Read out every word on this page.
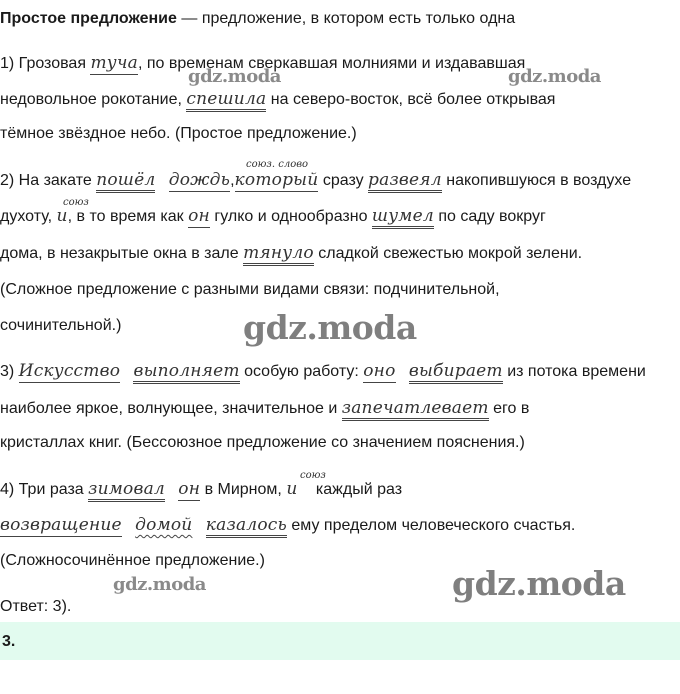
Простое предложение — предложение, в котором есть только одна
1) Грозовая туча, по временам сверкавшая молниями и издававшая
недовольное рокотание, спешила на северо-восток, всё более открывая
тёмное звёздное небо. (Простое предложение.)
союз. слово
2) На закате пошёл дождь,который сразу развеял накопившуюся в воздухе
союз
духоту, и, в то время как он гулко и однообразно шумел по саду вокруг
дома, в незакрытые окна в зале тянуло сладкой свежестью мокрой зелени.
(Сложное предложение с разными видами связи: подчинительной,
сочинительной.)
3) Искусство выполняет особую работу: оно выбирает из потока времени
наиболее яркое, волнующее, значительное и запечатлевает его в
кристаллах книг. (Бессоюзное предложение со значением пояснения.)
союз
4) Три раза зимовал он в Мирном, и каждый раз
возвращение домой казалось ему пределом человеческого счастья.
(Сложносочинённое предложение.)
Ответ: 3).
gdz.moda	gdz.moda
gdz.moda
gdz.moda	gdz.moda
3.
